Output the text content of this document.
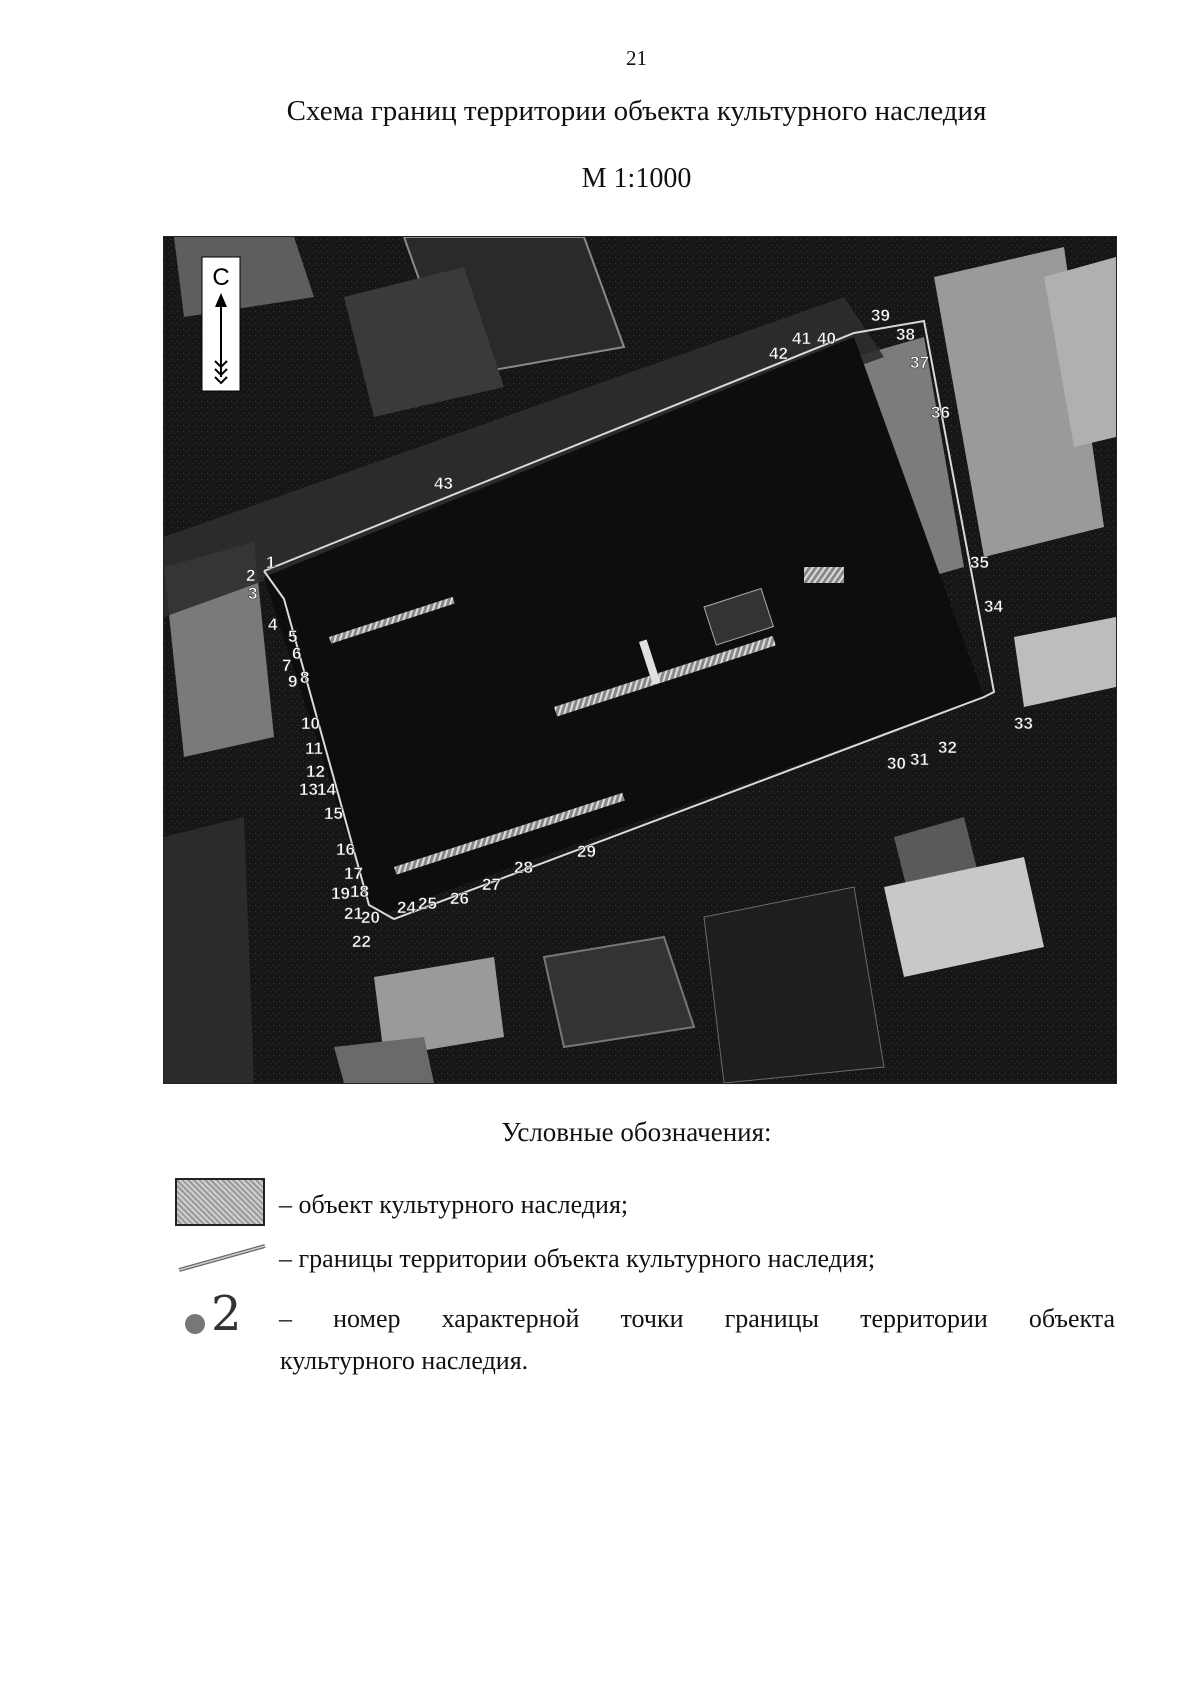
21
Схема границ территории объекта культурного наследия
М 1:1000
С
1
2
3
4
5
6
7
8
9
10
11
12
13 14
15
16
17
18
19
20
21
22
24 25 26
27
28
29
30 31
32
33
34
35
36
37
38
39
40
41
42
43
Условные обозначения:
– объект культурного наследия;
– границы территории объекта культурного наследия;
2 – номер характерной точки границы территории объекта
культурного наследия.
